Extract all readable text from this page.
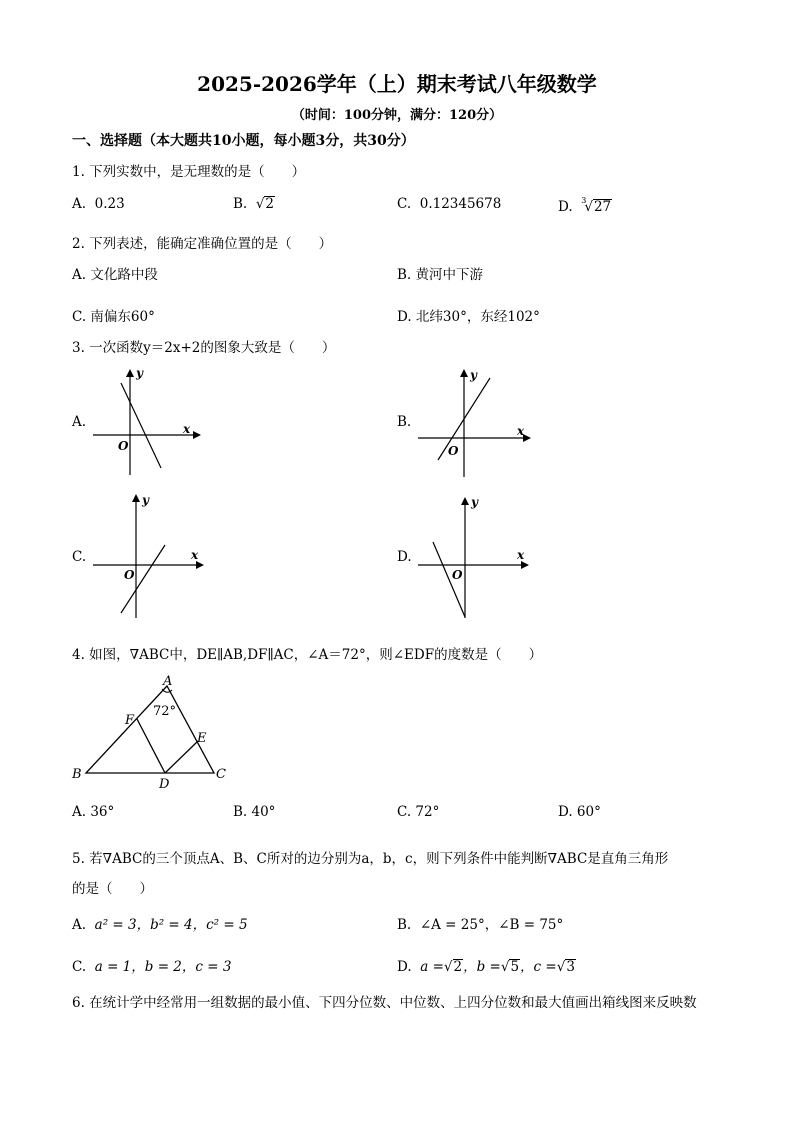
2025-2026学年（上）期末考试八年级数学
（时间：100分钟，满分：120分）
一、选择题（本大题共10小题，每小题3分，共30分）
1. 下列实数中，是无理数的是（　　）
A. 0.2̇3̇	B. √2	C. 0.12345678	D. $^3$√27
2. 下列表述，能确定准确位置的是（　　）
A. 文化路中段	B. 黄河中下游
C. 南偏东60°	D. 北纬30°，东经102°
3. 一次函数y＝2x+2的图象大致是（　　）
A.	x
y
O
B.
x
y
O
C.	x
y
O
D.	x
y
O
4. 如图，∇ABC中，DE∥AB,DF∥AC，∠A＝72°，则∠EDF的度数是（　　）
A
72°
F
E
B
D
C
A. 36°	B. 40°	C. 72°	D. 60°
5. 若∇ABC的三个顶点A、B、C所对的边分别为a，b，c，则下列条件中能判断∇ABC是直角三角形
的是（　　）
A. a² = 3，b² = 4，c² = 5	B. ∠A = 25°，∠B = 75°
C. a = 1，b = 2，c = 3	D. a =√2，b =√5，c =√3
6. 在统计学中经常用一组数据的最小值、下四分位数、中位数、上四分位数和最大值画出箱线图来反映数
